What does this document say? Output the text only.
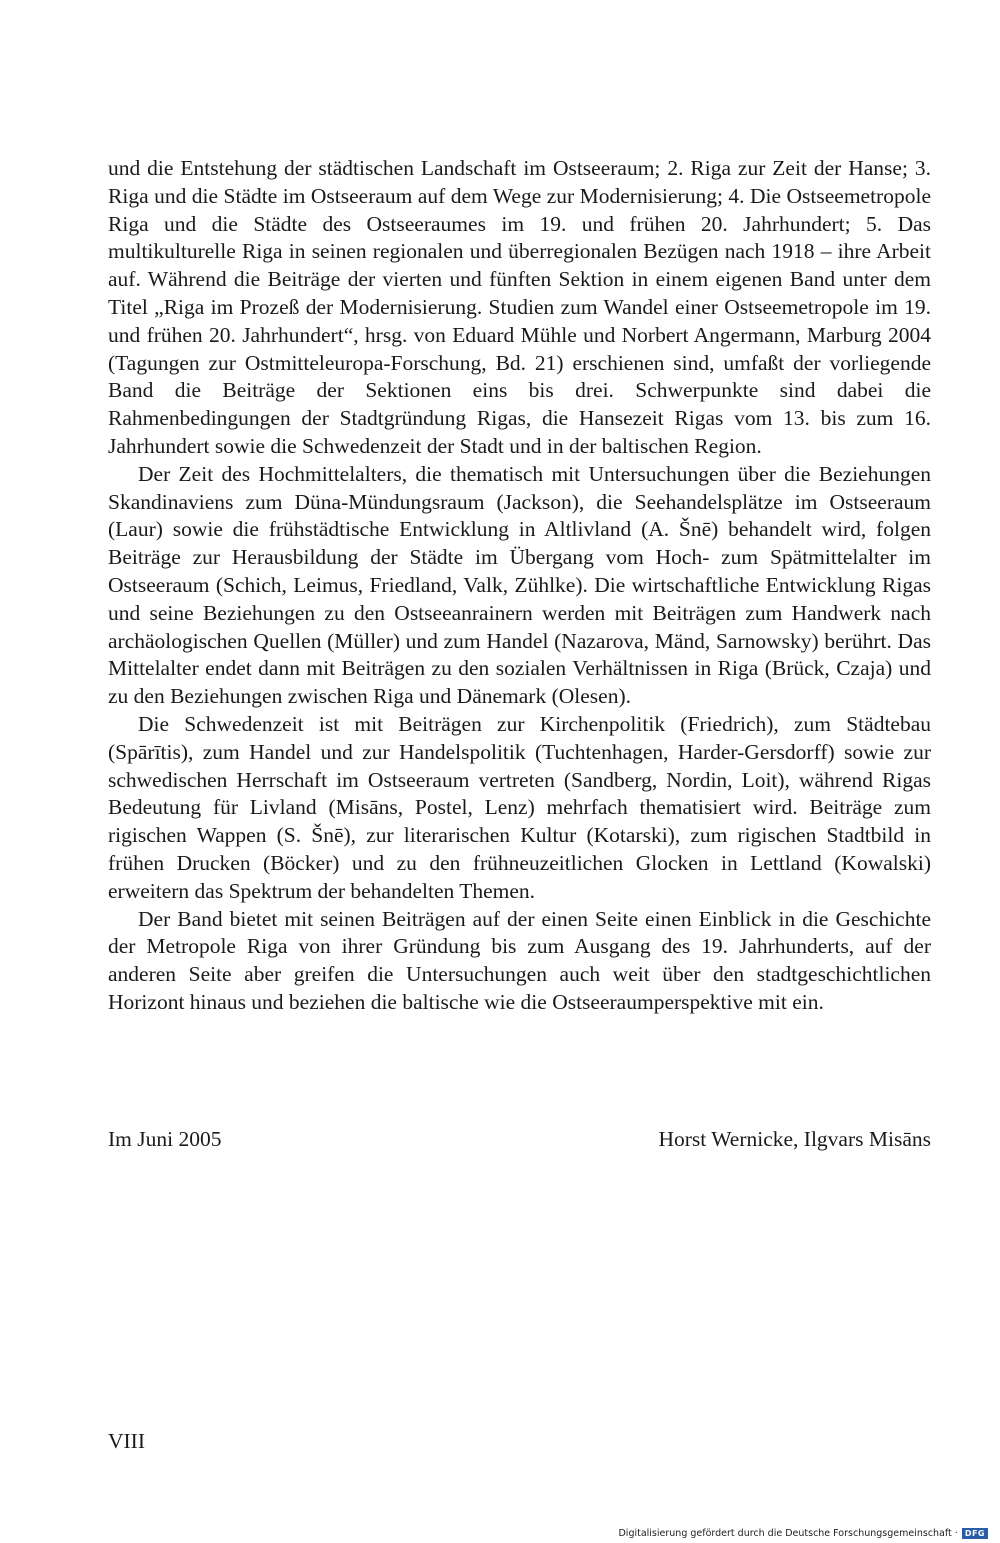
und die Entstehung der städtischen Landschaft im Ostseeraum; 2. Riga zur Zeit der Hanse; 3. Riga und die Städte im Ostseeraum auf dem Wege zur Modernisierung; 4. Die Ostseemetropole Riga und die Städte des Ostseeraumes im 19. und frühen 20. Jahrhundert; 5. Das multikulturelle Riga in seinen regionalen und überregionalen Bezügen nach 1918 – ihre Arbeit auf. Während die Beiträge der vierten und fünften Sektion in einem eigenen Band unter dem Titel „Riga im Prozeß der Modernisierung. Studien zum Wandel einer Ostseemetropole im 19. und frühen 20. Jahrhundert“, hrsg. von Eduard Mühle und Norbert Angermann, Marburg 2004 (Tagungen zur Ostmitteleuropa-Forschung, Bd. 21) erschienen sind, umfaßt der vorliegende Band die Beiträge der Sektionen eins bis drei. Schwerpunkte sind dabei die Rahmenbedingungen der Stadtgründung Rigas, die Hansezeit Rigas vom 13. bis zum 16. Jahrhundert sowie die Schwedenzeit der Stadt und in der baltischen Region.

Der Zeit des Hochmittelalters, die thematisch mit Untersuchungen über die Beziehungen Skandinaviens zum Düna-Mündungsraum (Jackson), die Seehandelsplätze im Ostseeraum (Laur) sowie die frühstädtische Entwicklung in Altlivland (A. Šnē) behandelt wird, folgen Beiträge zur Herausbildung der Städte im Übergang vom Hoch- zum Spätmittelalter im Ostseeraum (Schich, Leimus, Friedland, Valk, Zühlke). Die wirtschaftliche Entwicklung Rigas und seine Beziehungen zu den Ostseeanrainern werden mit Beiträgen zum Handwerk nach archäologischen Quellen (Müller) und zum Handel (Nazarova, Mänd, Sarnowsky) berührt. Das Mittelalter endet dann mit Beiträgen zu den sozialen Verhältnissen in Riga (Brück, Czaja) und zu den Beziehungen zwischen Riga und Dänemark (Olesen).

Die Schwedenzeit ist mit Beiträgen zur Kirchenpolitik (Friedrich), zum Städtebau (Spārītis), zum Handel und zur Handelspolitik (Tuchtenhagen, Harder-Gersdorff) sowie zur schwedischen Herrschaft im Ostseeraum vertreten (Sandberg, Nordin, Loit), während Rigas Bedeutung für Livland (Misāns, Postel, Lenz) mehrfach thematisiert wird. Beiträge zum rigischen Wappen (S. Šnē), zur literarischen Kultur (Kotarski), zum rigischen Stadtbild in frühen Drucken (Böcker) und zu den frühneuzeitlichen Glocken in Lettland (Kowalski) erweitern das Spektrum der behandelten Themen.

Der Band bietet mit seinen Beiträgen auf der einen Seite einen Einblick in die Geschichte der Metropole Riga von ihrer Gründung bis zum Ausgang des 19. Jahrhunderts, auf der anderen Seite aber greifen die Untersuchungen auch weit über den stadtgeschichtlichen Horizont hinaus und beziehen die baltische wie die Ostseeraumperspektive mit ein.

Im Juni 2005	Horst Wernicke, Ilgvars Misāns
VIII
Digitalisierung gefördert durch die Deutsche Forschungsgemeinschaft · DFG
